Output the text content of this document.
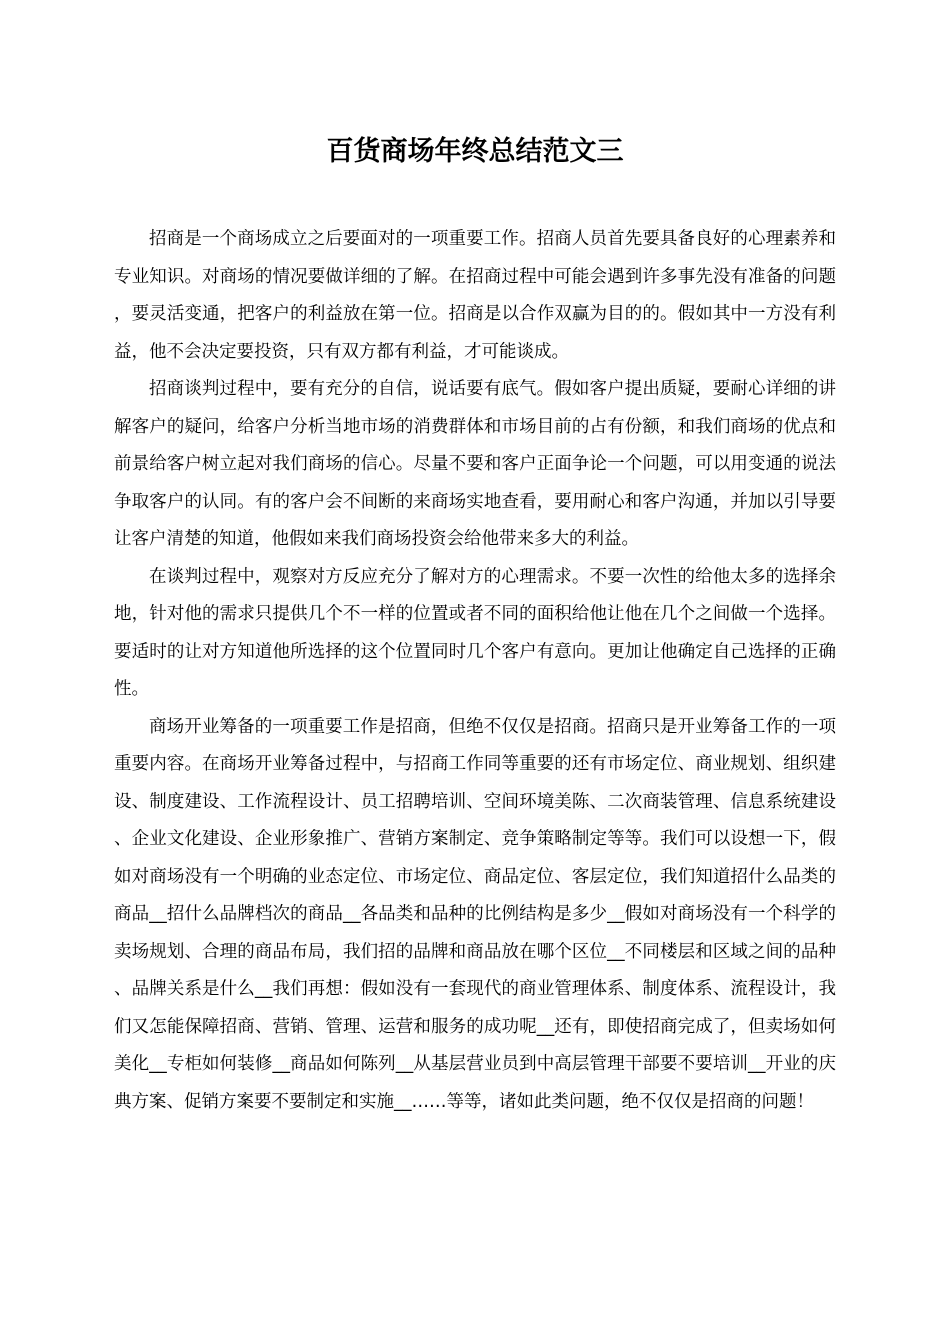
百货商场年终总结范文三

招商是一个商场成立之后要面对的一项重要工作。招商人员首先要具备良好的心理素养和专业知识。对商场的情况要做详细的了解。在招商过程中可能会遇到许多事先没有准备的问题，要灵活变通，把客户的利益放在第一位。招商是以合作双赢为目的的。假如其中一方没有利益，他不会决定要投资，只有双方都有利益，才可能谈成。

招商谈判过程中，要有充分的自信，说话要有底气。假如客户提出质疑，要耐心详细的讲解客户的疑问，给客户分析当地市场的消费群体和市场目前的占有份额，和我们商场的优点和前景给客户树立起对我们商场的信心。尽量不要和客户正面争论一个问题，可以用变通的说法争取客户的认同。有的客户会不间断的来商场实地查看，要用耐心和客户沟通，并加以引导要让客户清楚的知道，他假如来我们商场投资会给他带来多大的利益。

在谈判过程中，观察对方反应充分了解对方的心理需求。不要一次性的给他太多的选择余地，针对他的需求只提供几个不一样的位置或者不同的面积给他让他在几个之间做一个选择。要适时的让对方知道他所选择的这个位置同时几个客户有意向。更加让他确定自己选择的正确性。

商场开业筹备的一项重要工作是招商，但绝不仅仅是招商。招商只是开业筹备工作的一项重要内容。在商场开业筹备过程中，与招商工作同等重要的还有市场定位、商业规划、组织建设、制度建设、工作流程设计、员工招聘培训、空间环境美陈、二次商装管理、信息系统建设、企业文化建设、企业形象推广、营销方案制定、竞争策略制定等等。我们可以设想一下，假如对商场没有一个明确的业态定位、市场定位、商品定位、客层定位，我们知道招什么品类的商品__招什么品牌档次的商品__各品类和品种的比例结构是多少__假如对商场没有一个科学的卖场规划、合理的商品布局，我们招的品牌和商品放在哪个区位__不同楼层和区域之间的品种、品牌关系是什么__我们再想：假如没有一套现代的商业管理体系、制度体系、流程设计，我们又怎能保障招商、营销、管理、运营和服务的成功呢__还有，即使招商完成了，但卖场如何美化__专柜如何装修__商品如何陈列__从基层营业员到中高层管理干部要不要培训__开业的庆典方案、促销方案要不要制定和实施__……等等，诸如此类问题，绝不仅仅是招商的问题！
